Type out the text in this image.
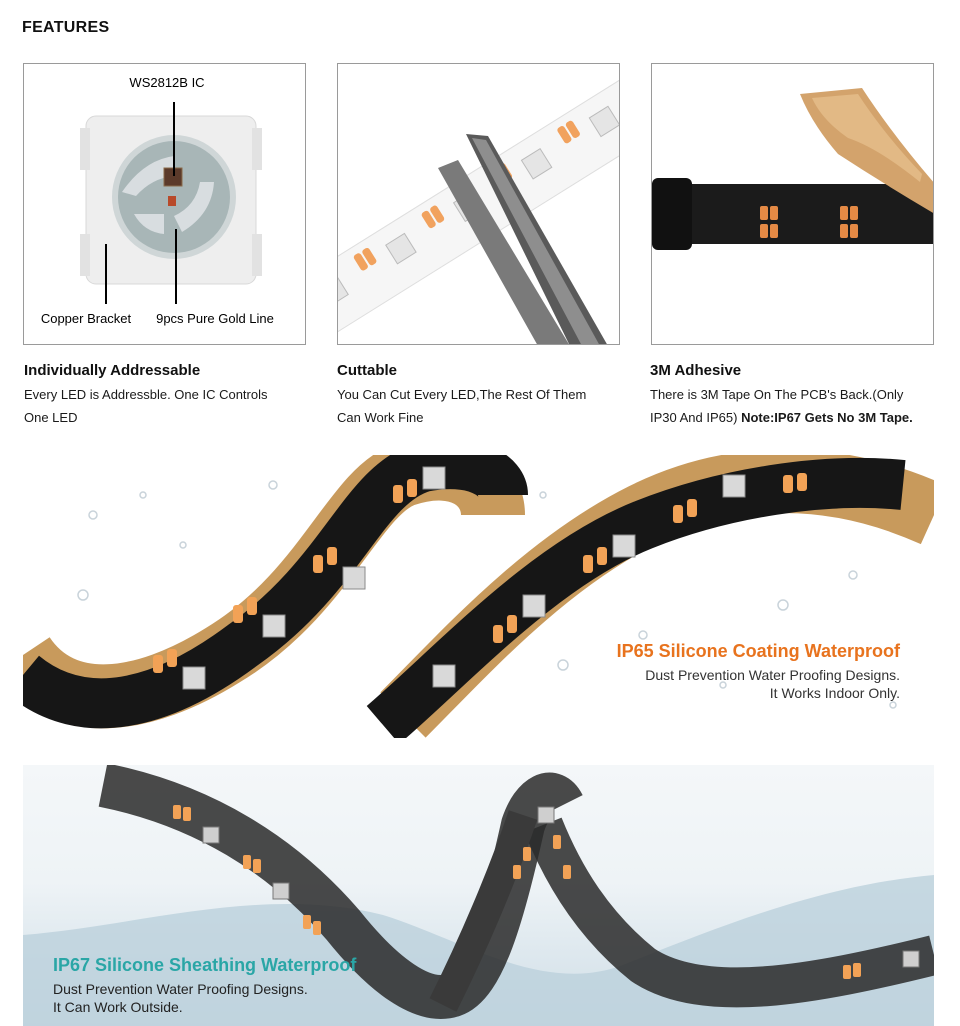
FEATURES
WS2812B IC
Copper Bracket 9pcs Pure Gold Line
Individually Addressable
Every LED is Addressble. One IC Controls
One LED
Cuttable
You Can Cut Every LED,The Rest Of Them
Can Work Fine
3M Adhesive
There is 3M Tape On The PCB's Back.(Only
IP30 And IP65) Note:IP67 Gets No 3M Tape.
IP65 Silicone Coating Waterproof
Dust Prevention Water Proofing Designs.
It Works Indoor Only.
IP67 Silicone Sheathing Waterproof
Dust Prevention Water Proofing Designs.
It Can Work Outside.
